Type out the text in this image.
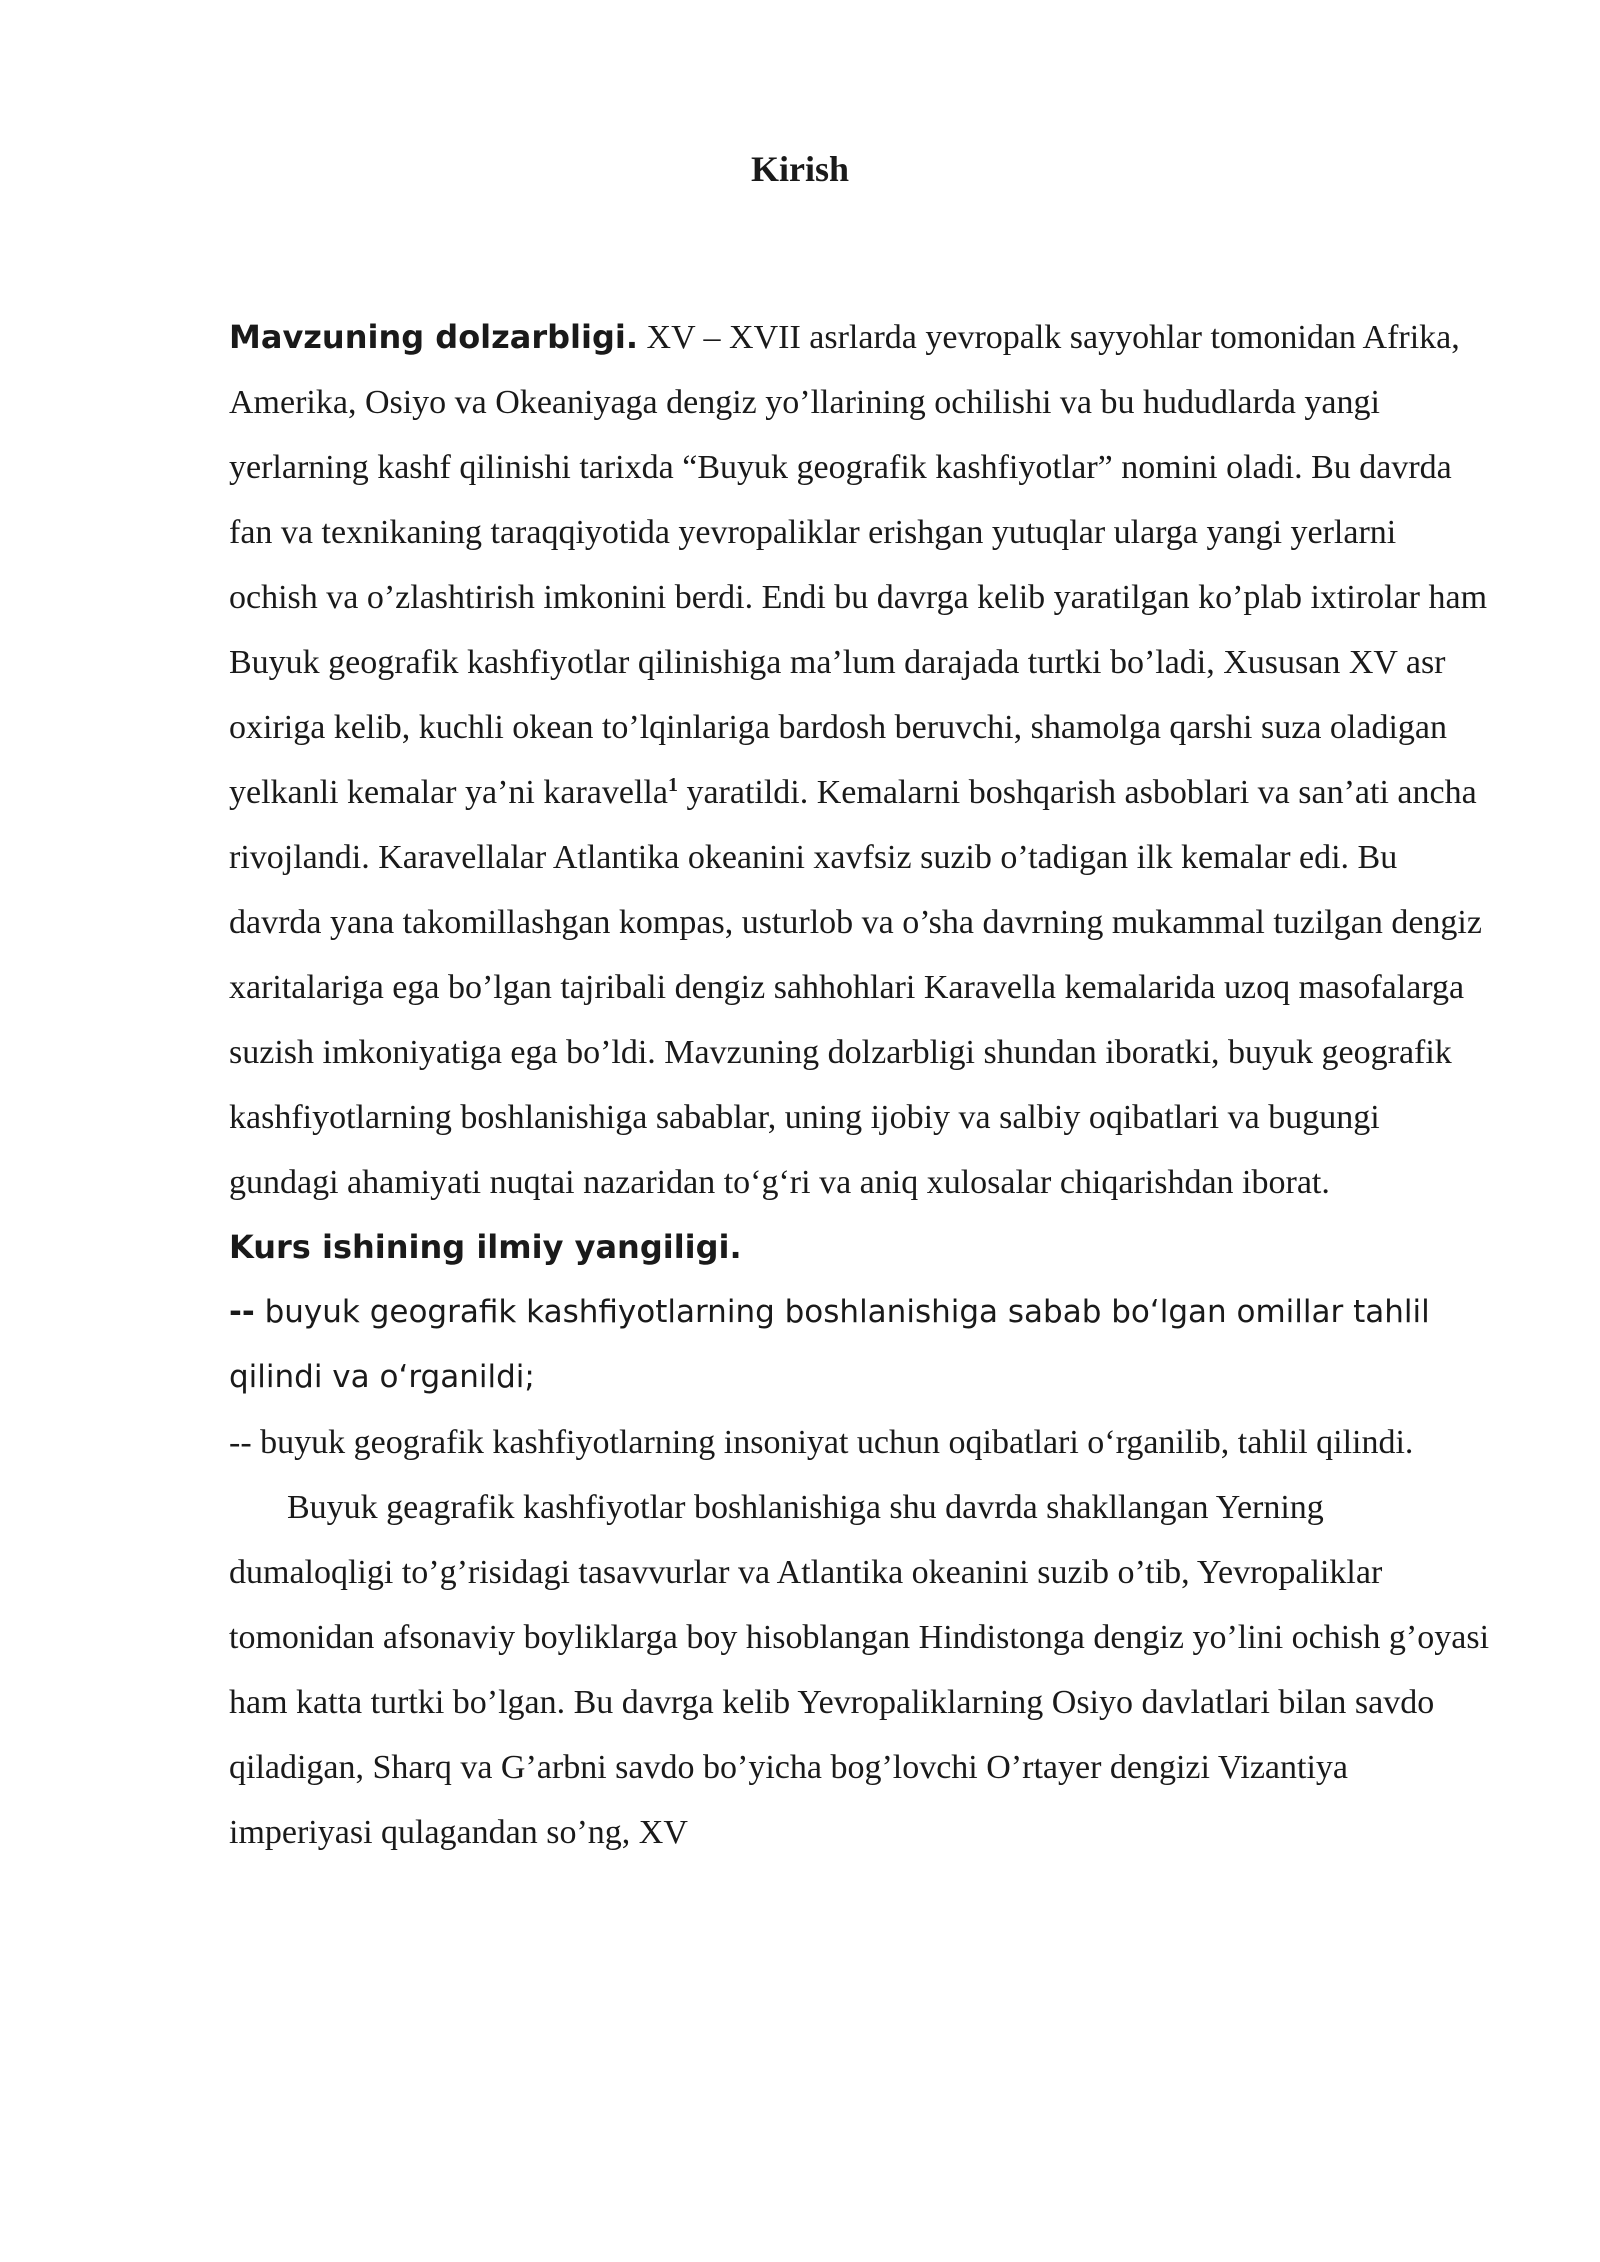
Kirish

Mavzuning dolzarbligi. XV – XVII asrlarda yevropalk sayyohlar tomonidan Afrika, Amerika, Osiyo va Okeaniyaga dengiz yo’llarining ochilishi va bu hududlarda yangi yerlarning kashf qilinishi tarixda “Buyuk geografik kashfiyotlar” nomini oladi. Bu davrda fan va texnikaning taraqqiyotida yevropaliklar erishgan yutuqlar ularga yangi yerlarni ochish va o’zlashtirish imkonini berdi. Endi bu davrga kelib yaratilgan ko’plab ixtirolar ham Buyuk geografik kashfiyotlar qilinishiga ma’lum darajada turtki bo’ladi, Xususan XV asr oxiriga kelib, kuchli okean to’lqinlariga bardosh beruvchi, shamolga qarshi suza oladigan yelkanli kemalar ya’ni karavella$^1$ yaratildi. Kemalarni boshqarish asboblari va san’ati ancha rivojlandi. Karavellalar Atlantika okeanini xavfsiz suzib o’tadigan ilk kemalar edi. Bu davrda yana takomillashgan kompas, usturlob va o’sha davrning mukammal tuzilgan dengiz xaritalariga ega bo’lgan tajribali dengiz sahhohlari Karavella kemalarida uzoq masofalarga suzish imkoniyatiga ega bo’ldi. Mavzuning dolzarbligi shundan iboratki, buyuk geografik kashfiyotlarning boshlanishiga sabablar, uning ijobiy va salbiy oqibatlari va bugungi gundagi ahamiyati nuqtai nazaridan to‘g‘ri va aniq xulosalar chiqarishdan iborat.

Kurs ishining ilmiy yangiligi.

-- buyuk geografik kashfiyotlarning boshlanishiga sabab bo‘lgan omillar tahlil qilindi va o‘rganildi;

-- buyuk geografik kashfiyotlarning insoniyat uchun oqibatlari o‘rganilib, tahlil qilindi.

Buyuk geagrafik kashfiyotlar boshlanishiga shu davrda shakllangan Yerning dumaloqligi to’g’risidagi tasavvurlar va Atlantika okeanini suzib o’tib, Yevropaliklar tomonidan afsonaviy boyliklarga boy hisoblangan Hindistonga dengiz yo’lini ochish g’oyasi ham katta turtki bo’lgan. Bu davrga kelib Yevropaliklarning Osiyo davlatlari bilan savdo qiladigan, Sharq va G’arbni savdo bo’yicha bog’lovchi O’rtayer dengizi Vizantiya imperiyasi qulagandan so’ng, XV
